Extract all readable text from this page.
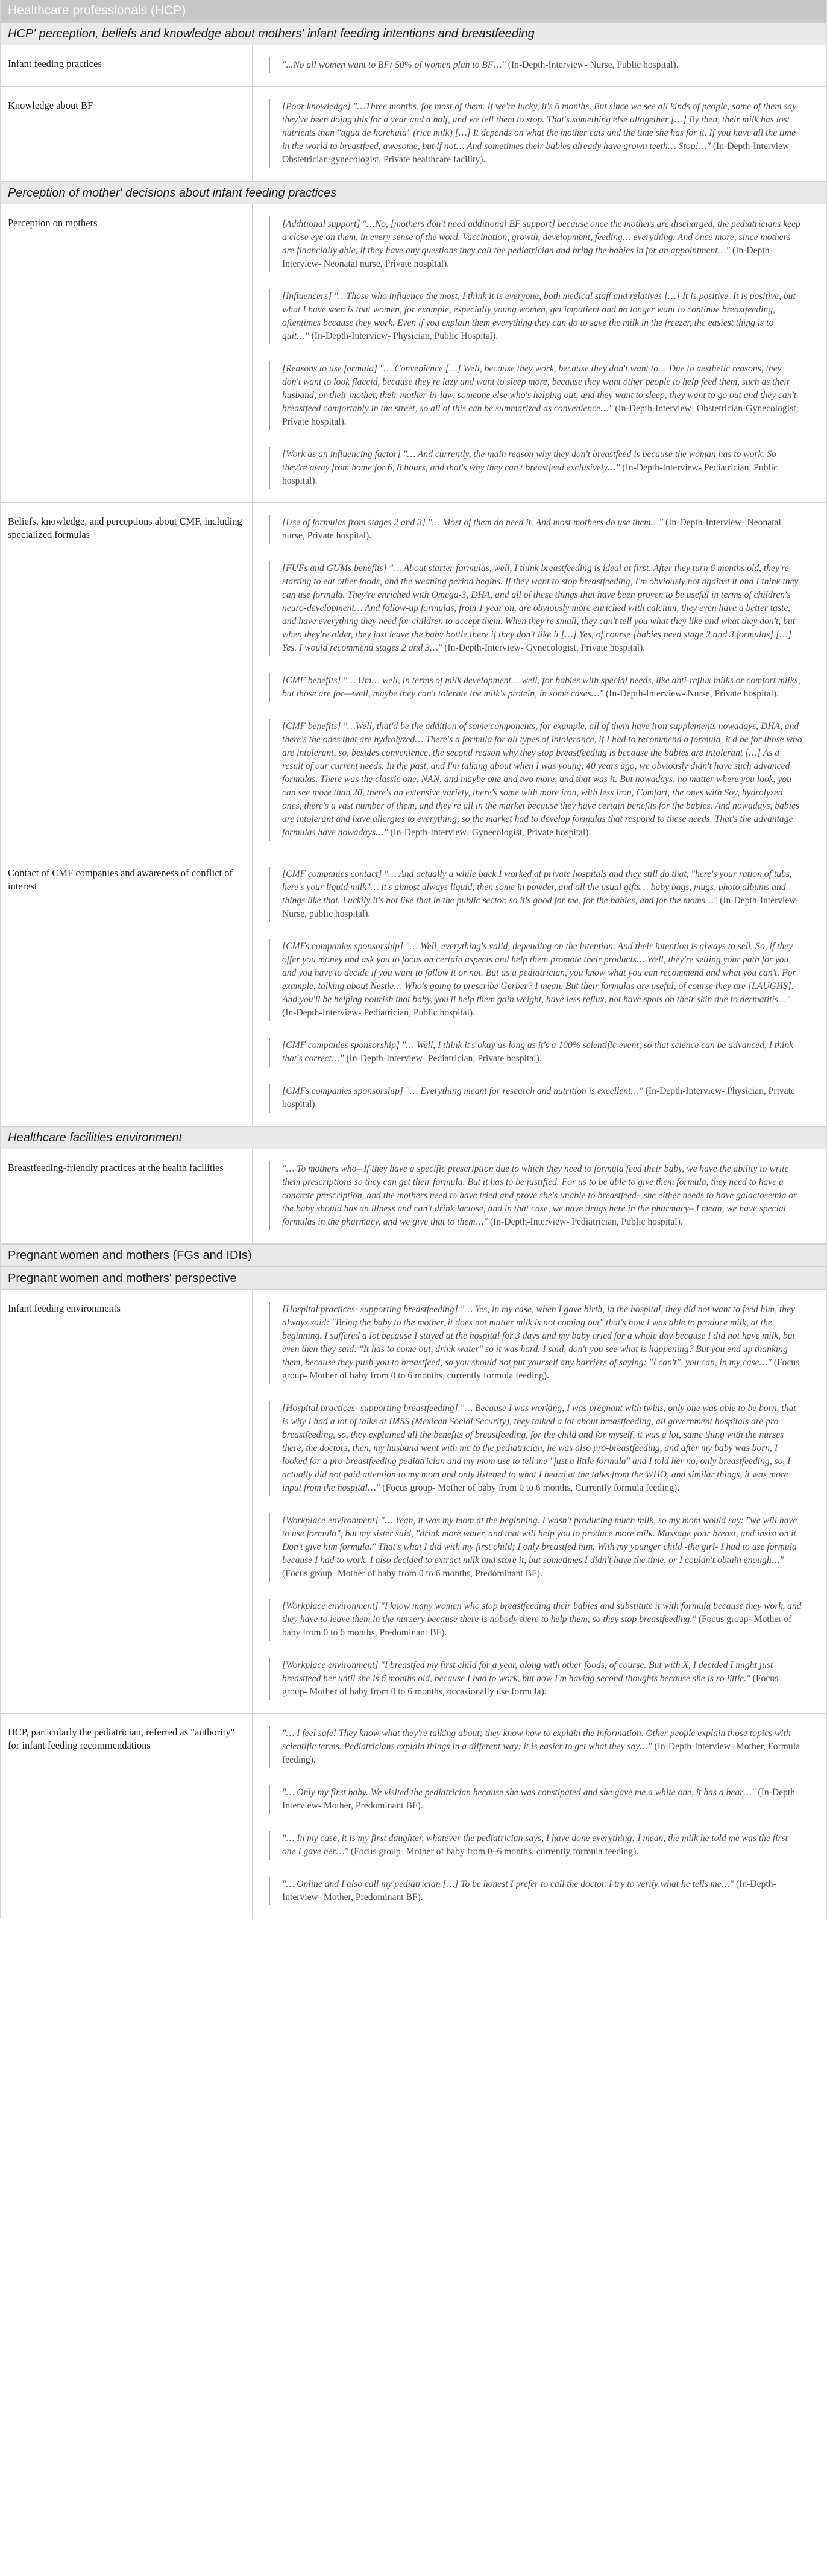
Healthcare professionals (HCP)
HCP' perception, beliefs and knowledge about mothers' infant feeding intentions and breastfeeding
Infant feeding practices	"...No all women want to BF: 50% of women plan to BF…" (In-Depth-Interview- Nurse, Public hospital).
Knowledge about BF	[Poor knowledge] "…Three months, for most of them. If we're lucky, it's 6 months. But since we see all kinds of people, some of them say they've been doing this for a year and a half, and we tell them to stop. That's something else altogether […] By then, their milk has lost nutrients than "agua de horchata" (rice milk) […] It depends on what the mother eats and the time she has for it. If you have all the time in the world to breastfeed, awesome, but if not… And sometimes their babies already have grown teeth… Stop!…" (In-Depth-Interview- Obstetrician/gynecologist, Private healthcare facility).
Perception of mother' decisions about infant feeding practices
Perception on mothers	[Additional support] "…No, [mothers don't need additional BF support] because once the mothers are discharged, the pediatricians keep a close eye on them, in every sense of the word. Vaccination, growth, development, feeding… everything. And once more, since mothers are financially able, if they have any questions they call the pediatrician and bring the babies in for an appointment…" (In-Depth-Interview- Neonatal nurse, Private hospital).
[Influencers] "…Those who influence the most, I think it is everyone, both medical staff and relatives […] It is positive. It is positive, but what I have seen is that women, for example, especially young women, get impatient and no longer want to continue breastfeeding, oftentimes because they work. Even if you explain them everything they can do to save the milk in the freezer, the easiest thing is to quit…" (In-Depth-Interview- Physician, Public Hospital).
[Reasons to use formula] "… Convenience […] Well, because they work, because they don't want to… Due to aesthetic reasons, they don't want to look flaccid, because they're lazy and want to sleep more, because they want other people to help feed them, such as their husband, or their mother, their mother-in-law, someone else who's helping out, and they want to sleep, they want to go out and they can't breastfeed comfortably in the street, so all of this can be summarized as convenience…" (In-Depth-Interview- Obstetrician-Gynecologist, Private hospital).
[Work as an influencing factor] "… And currently, the main reason why they don't breastfeed is because the woman has to work. So they're away from home for 6, 8 hours, and that's why they can't breastfeed exclusively…" (In-Depth-Interview- Pediatrician, Public hospital).
Beliefs, knowledge, and perceptions about CMF, including specialized formulas
[Use of formulas from stages 2 and 3] "… Most of them do need it. And most mothers do use them…" (In-Depth-Interview- Neonatal nurse, Private hospital).
[FUFs and GUMs benefits] "… About starter formulas, well, I think breastfeeding is ideal at first. After they turn 6 months old, they're starting to eat other foods, and the weaning period begins. If they want to stop breastfeeding, I'm obviously not against it and I think they can use formula. They're enriched with Omega-3, DHA, and all of these things that have been proven to be useful in terms of children's neuro-development… And follow-up formulas, from 1 year on, are obviously more enriched with calcium, they even have a better taste, and have everything they need for children to accept them. When they're small, they can't tell you what they like and what they don't, but when they're older, they just leave the baby bottle there if they don't like it […] Yes, of course [babies need stage 2 and 3 formulas] […] Yes. I would recommend stages 2 and 3…" (In-Depth-Interview- Gynecologist, Private hospital).
[CMF benefits] "… Um… well, in terms of milk development… well, for babies with special needs, like anti-reflux milks or comfort milks, but those are for—well, maybe they can't tolerate the milk's protein, in some cases…" (In-Depth-Interview- Nurse, Private hospital).
[CMF benefits] "…Well, that'd be the addition of some components, for example, all of them have iron supplements nowadays, DHA, and there's the ones that are hydrolyzed… There's a formula for all types of intolerance, if I had to recommend a formula, it'd be for those who are intolerant, so, besides convenience, the second reason why they stop breastfeeding is because the babies are intolerant […] As a result of our current needs. In the past, and I'm talking about when I was young, 40 years ago, we obviously didn't have such advanced formulas. There was the classic one, NAN, and maybe one and two more, and that was it. But nowadays, no matter where you look, you can see more than 20, there's an extensive variety, there's some with more iron, with less iron, Comfort, the ones with Soy, hydrolyzed ones, there's a vast number of them, and they're all in the market because they have certain benefits for the babies. And nowadays, babies are intolerant and have allergies to everything, so the market had to develop formulas that respond to these needs. That's the advantage formulas have nowadays…" (In-Depth-Interview- Gynecologist, Private hospital).
Contact of CMF companies and awareness of conflict of interest
[CMF companies contact] "… And actually a while back I worked at private hospitals and they still do that, "here's your ration of tubs, here's your liquid milk"… it's almost always liquid, then some in powder, and all the usual gifts… baby bags, mugs, photo albums and things like that. Luckily it's not like that in the public sector, so it's good for me, for the babies, and for the moms…" (In-Depth-Interview- Nurse, public hospital).
[CMFs companies sponsorship] "… Well, everything's valid, depending on the intention. And their intention is always to sell. So, if they offer you money and ask you to focus on certain aspects and help them promote their products… Well, they're setting your path for you, and you have to decide if you want to follow it or not. But as a pediatrician, you know what you can recommend and what you can't. For example, talking about Nestle… Who's going to prescribe Gerber? I mean. But their formulas are useful, of course they are [LAUGHS]. And you'll be helping nourish that baby, you'll help them gain weight, have less reflux, not have spots on their skin due to dermatitis…" (In-Depth-Interview- Pediatrician, Public hospital).
[CMF companies sponsorship] "… Well, I think it's okay as long as it's a 100% scientific event, so that science can be advanced, I think that's correct…" (In-Depth-Interview- Pediatrician, Private hospital).
[CMFs companies sponsorship] "… Everything meant for research and nutrition is excellent…" (In-Depth-Interview- Physician, Private hospital).
Healthcare facilities environment
Breastfeeding-friendly practices at the health facilities	"… To mothers who– If they have a specific prescription due to which they need to formula feed their baby, we have the ability to write them prescriptions so they can get their formula. But it has to be justified. For us to be able to give them formula, they need to have a concrete prescription, and the mothers need to have tried and prove she's unable to breastfeed– she either needs to have galactosemia or the baby should has an illness and can't drink lactose, and in that case, we have drugs here in the pharmacy– I mean, we have special formulas in the pharmacy, and we give that to them…" (In-Depth-Interview- Pediatrician, Public hospital).
Pregnant women and mothers (FGs and IDIs)
Pregnant women and mothers' perspective
Infant feeding environments	[Hospital practices- supporting breastfeeding] "… Yes, in my case, when I gave birth, in the hospital, they did not want to feed him, they always said: "Bring the baby to the mother, it does not matter milk is not coming out" that's how I was able to produce milk, at the beginning. I suffered a lot because I stayed at the hospital for 3 days and my baby cried for a whole day because I did not have milk, but even then they said: "It has to come out, drink water" so it was hard. I said, don't you see what is happening? But you end up thanking them, because they push you to breastfeed, so you should not put yourself any barriers of saying: "I can't", you can, in my case…" (Focus group- Mother of baby from 0 to 6 months, currently formula feeding).
[Hospital practices- supporting breastfeeding] "… Because I was working, I was pregnant with twins, only one was able to be born, that is why I had a lot of talks at IMSS (Mexican Social Security), they talked a lot about breastfeeding, all government hospitals are pro-breastfeeding, so, they explained all the benefits of breastfeeding, for the child and for myself, it was a lot, same thing with the nurses there, the doctors, then, my husband went with me to the pediatrician, he was also pro-breastfeeding, and after my baby was born, I looked for a pro-breastfeeding pediatrician and my mom use to tell me "just a little formula" and I told her no, only breastfeeding, so, I actually did not paid attention to my mom and only listened to what I heard at the talks from the WHO, and similar things, it was more input from the hospital…" (Focus group- Mother of baby from 0 to 6 months, Currently formula feeding).
[Workplace environment] "… Yeah, it was my mom at the beginning. I wasn't producing much milk, so my mom would say: "we will have to use formula", but my sister said, "drink more water, and that will help you to produce more milk. Massage your breast, and insist on it. Don't give him formula." That's what I did with my first child; I only breastfed him. With my younger child -the girl- I had to use formula because I had to work. I also decided to extract milk and store it, but sometimes I didn't have the time, or I couldn't obtain enough…" (Focus group- Mother of baby from 0 to 6 months, Predominant BF).
[Workplace environment] "I know many women who stop breastfeeding their babies and substitute it with formula because they work, and they have to leave them in the nursery because there is nobody there to help them, so they stop breastfeeding." (Focus group- Mother of baby from 0 to 6 months, Predominant BF).
[Workplace environment] "I breastfed my first child for a year, along with other foods, of course. But with X, I decided I might just breastfeed her until she is 6 months old, because I had to work, but now I'm having second thoughts because she is so little." (Focus group- Mother of baby from 0 to 6 months, occasionally use formula).
HCP, particularly the pediatrician, referred as "authority" for infant feeding recommendations
"… I feel safe! They know what they're talking about; they know how to explain the information. Other people explain those topics with scientific terms. Pediatricians explain things in a different way; it is easier to get what they say…" (In-Depth-Interview- Mother, Formula feeding).
"… Only my first baby. We visited the pediatrician because she was constipated and she gave me a white one, it has a bear…" (In-Depth-Interview- Mother, Predominant BF).
"… In my case, it is my first daughter, whatever the pediatrician says, I have done everything; I mean, the milk he told me was the first one I gave her…" (Focus group- Mother of baby from 0–6 months, currently formula feeding).
"… Online and I also call my pediatrician […] To be honest I prefer to call the doctor. I try to verify what he tells me…" (In-Depth-Interview- Mother, Predominant BF).
